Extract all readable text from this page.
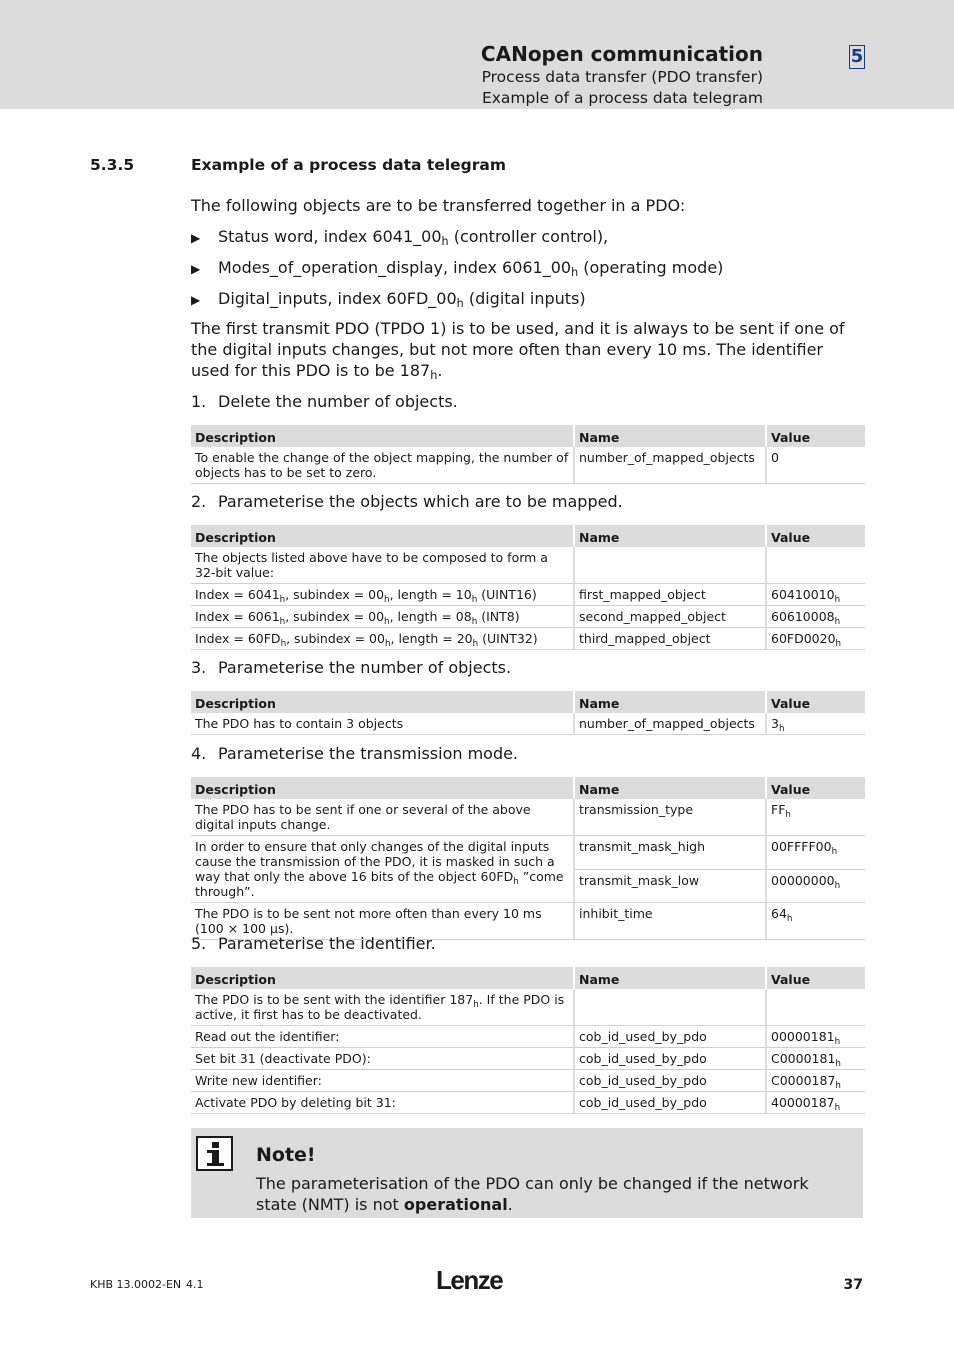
CANopen communication
Process data transfer (PDO transfer)
Example of a process data telegram
5
5.3.5	Example of a process data telegram
The following objects are to be transferred together in a PDO:
▶ Status word, index $6041\_00_h$ (controller control),
▶ Modes_of_operation_display, index $6061\_00_h$ (operating mode)
▶ Digital_inputs, index $60FD\_00_h$ (digital inputs)
The first transmit PDO (TPDO 1) is to be used, and it is always to be sent if one of the digital inputs changes, but not more often than every 10 ms. The identifier used for this PDO is to be $187_h$.
1. Delete the number of objects.
Description	Name	Value
To enable the change of the object mapping, the number of objects has to be set to zero.	number_of_mapped_objects	0
2. Parameterise the objects which are to be mapped.
Description	Name	Value
The objects listed above have to be composed to form a 32-bit value:		
Index = $6041_h$, subindex = $00_h$, length = $10_h$ (UINT16)	first_mapped_object	$60410010_h$
Index = $6061_h$, subindex = $00_h$, length = $08_h$ (INT8)	second_mapped_object	$60610008_h$
Index = $60FD_h$, subindex = $00_h$, length = $20_h$ (UINT32)	third_mapped_object	$60FD0020_h$
3. Parameterise the number of objects.
Description	Name	Value
The PDO has to contain 3 objects	number_of_mapped_objects	$3_h$
4. Parameterise the transmission mode.
Description	Name	Value
The PDO has to be sent if one or several of the above digital inputs change.	transmission_type	$FF_h$
In order to ensure that only changes of the digital inputs cause the transmission of the PDO, it is masked in such a way that only the above 16 bits of the object $60FD_h$ ”come through”.	transmit_mask_high	$00FFFF00_h$
	transmit_mask_low	$00000000_h$
The PDO is to be sent not more often than every 10 ms (100 × 100 µs).	inhibit_time	$64_h$
5. Parameterise the identifier.
Description	Name	Value
The PDO is to be sent with the identifier $187_h$. If the PDO is active, it first has to be deactivated.		
Read out the identifier:	cob_id_used_by_pdo	$00000181_h$
Set bit 31 (deactivate PDO):	cob_id_used_by_pdo	$C0000181_h$
Write new identifier:	cob_id_used_by_pdo	$C0000187_h$
Activate PDO by deleting bit 31:	cob_id_used_by_pdo	$40000187_h$
Note!
The parameterisation of the PDO can only be changed if the network state (NMT) is not operational.
KHB 13.0002-EN 4.1	Lenze	37
